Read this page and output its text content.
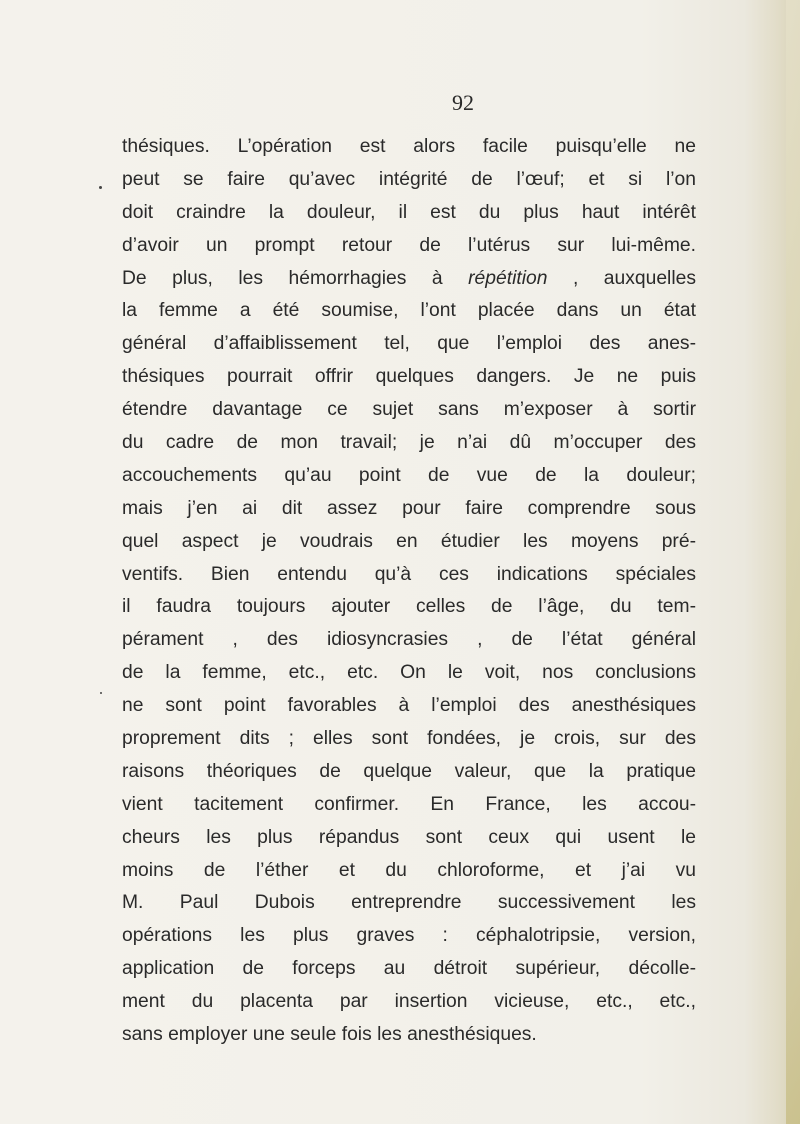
92
thésiques. L’opération est alors facile puisqu’elle ne
peut se faire qu’avec intégrité de l’œuf; et si l’on
doit craindre la douleur, il est du plus haut intérêt
d’avoir un prompt retour de l’utérus sur lui-même.
De plus, les hémorrhagies à répétition , auxquelles
la femme a été soumise, l’ont placée dans un état
général d’affaiblissement tel, que l’emploi des anes-
thésiques pourrait offrir quelques dangers. Je ne puis
étendre davantage ce sujet sans m’exposer à sortir
du cadre de mon travail; je n’ai dû m’occuper des
accouchements qu’au point de vue de la douleur;
mais j’en ai dit assez pour faire comprendre sous
quel aspect je voudrais en étudier les moyens pré-
ventifs. Bien entendu qu’à ces indications spéciales
il faudra toujours ajouter celles de l’âge, du tem-
pérament , des idiosyncrasies , de l’état général
de la femme, etc., etc. On le voit, nos conclusions
ne sont point favorables à l’emploi des anesthésiques
proprement dits ; elles sont fondées, je crois, sur des
raisons théoriques de quelque valeur, que la pratique
vient tacitement confirmer. En France, les accou-
cheurs les plus répandus sont ceux qui usent le
moins de l’éther et du chloroforme, et j’ai vu
M. Paul Dubois entreprendre successivement les
opérations les plus graves : céphalotripsie, version,
application de forceps au détroit supérieur, décolle-
ment du placenta par insertion vicieuse, etc., etc.,
sans employer une seule fois les anesthésiques.
